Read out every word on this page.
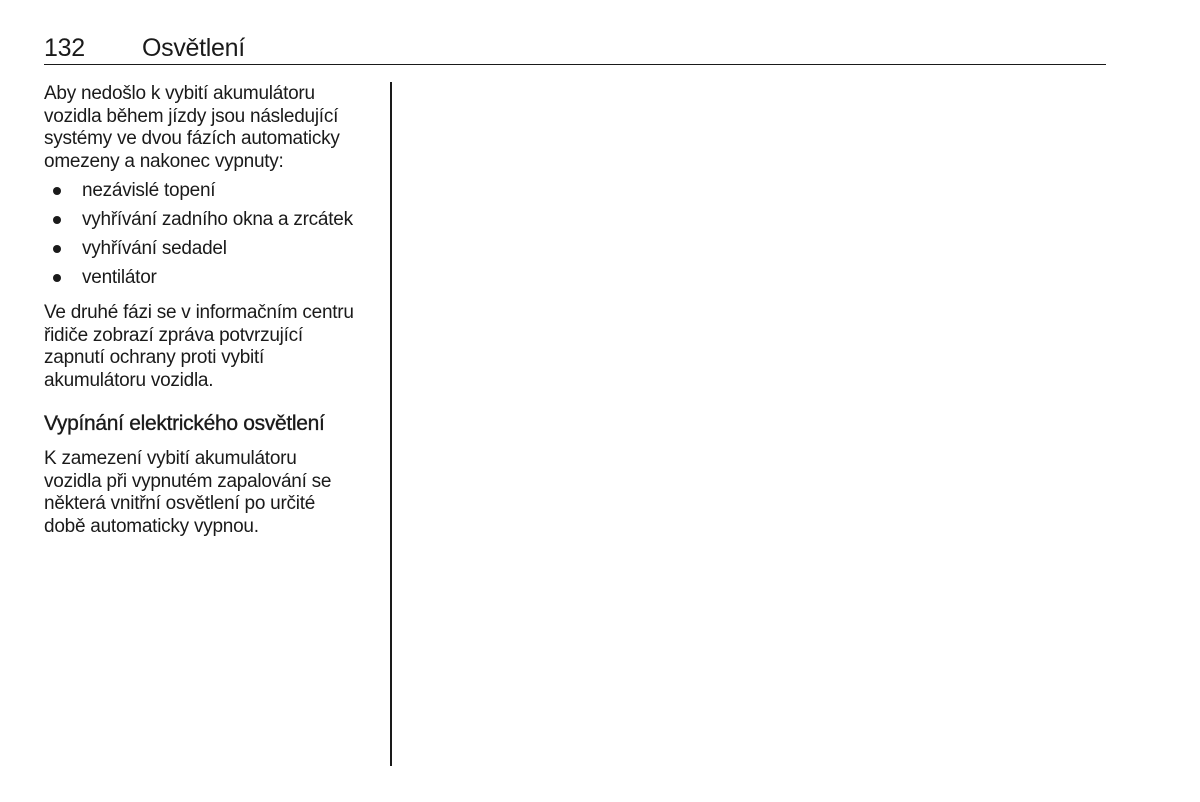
132 Osvětlení

Aby nedošlo k vybití akumulátoru
vozidla během jízdy jsou následující
systémy ve dvou fázích automaticky
omezeny a nakonec vypnuty:

nezávislé topení
vyhřívání zadního okna a zrcátek
vyhřívání sedadel
ventilátor

Ve druhé fázi se v informačním centru
řidiče zobrazí zpráva potvrzující
zapnutí ochrany proti vybití
akumulátoru vozidla.

Vypínání elektrického osvětlení

K zamezení vybití akumulátoru
vozidla při vypnutém zapalování se
některá vnitřní osvětlení po určité
době automaticky vypnou.
